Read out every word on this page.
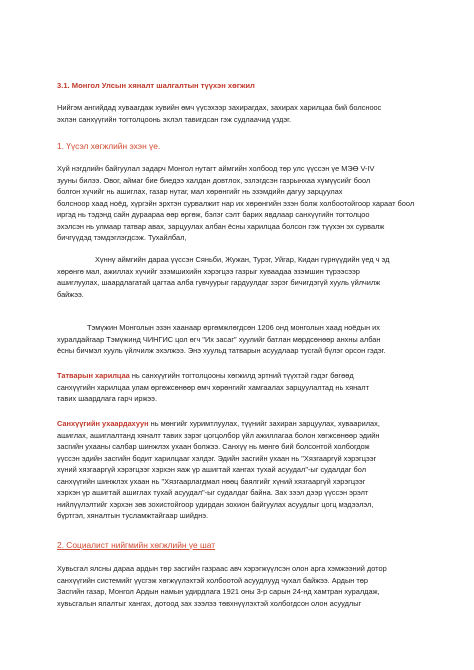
3.1. Монгол Улсын хяналт шалгалтын түүхэн хөгжил
Нийгэм ангийдад хуваагдаж хувийн өмч үүсэхээр захирагдах, захирах харилцаа бий болсноос
эхлэн санхүүгийн тогтолцоонь эхлэл тавигдсан гэж судлаачид үздэг.
1. Үүсэл хөгжлийн эхэн үе.
Хүй нэгдлийн байгуулал задарч Монгол нутагт аймгийн холбоод төр улс үүссэн үе МЭӨ V-IV
зууны билээ. Овог, аймаг бие биедээ халдан довтлох, эзлэгдсэн газрынхаа хүмүүсийг боол
болгон хүчийг нь ашиглах, газар нутаг, мал хөрөнгийг нь эзэмдийн дагуу зарцуулах
болсноор хаад ноёд, хүргэйн эрхтэн сурвалжит нар их хөрөнгийн эзэн болж холбоотойгоор хараат боол
иргэд нь тэдэнд сайн дураараа өөр өргөж, бэлэг сэлт барих явдлаар санхүүгийн тогтолцоо
эхэлсэн нь улмаар татвар авах, зарцуулах албан ёсны харилцаа болсон гэж түүхэн эх сурвалж
бичгүүдэд тэмдэглэгдсэж. Тухайлбал,
Хүннү аймгийн дараа үүссэн Сяньби, Жужан, Турэг, Уйгар, Кидан гүрнүүдийн үед ч эд
хөрөнгө мал, ажиллах хүчийг эзэмшихийн хэрэгцээ газрыг хуваадаа эзэмшин түрээсээр
ашиглуулах, шаардлагатай цагтаа алба гувчуурыг гардуулдаг зэрэг бичигдэгүй хууль үйлчилж
байжээ.
Тэмүжин Монголын эзэн хаанаар өргөмжлөгдсөн 1206 онд монголын хаад ноёдын их
хуралдайгаар Тэмүжинд ЧИНГИС цол өгч "Их засаг" хуулийг батлан мөрдсөнөөр анхны албан
ёсны бичмэл хууль үйлчилж эхэлжээ. Энэ хуульд татварын асуудлаар тусгай бүлэг орсон гэдэг.
Татварын харилцаа нь санхүүгийн тогтолцооны хөгжилд эртний түүхтэй гэдэг бөгөөд
санхүүгийн харилцаа улам өргөжсөнөөр өмч хөрөнгийг хамгаалах зарцуулалтад нь хяналт
тавих шаардлага гарч иржээ.
Санхүүгийн ухаардахуун нь мөнгийг хуримтлуулах, түүнийг захиран зарцуулах, хуваарилах,
ашиглах, ашиглалтанд хяналт тавих зэрэг цогцолбор үйл ажиллагаа болон хөгжсөнөөр эдийн
засгийн ухааны салбар шинжлэх ухаан болжээ. Санхүү нь мөнгө бий болсонтой холбогдож
үүссэн эдийн засгийн бодит харилцааг хэлдэг. Эдийн засгийн ухаан нь "Хязгааргүй хэрэгцээг
хүний хязгааргүй хэрэгцээг хэрхэн яаж үр ашигтай хангах тухай асуудал"-ыг судалдаг бол
санхүүгийн шинжлэх ухаан нь "Хязгаарлагдмал нөөц баялгийг хүний хязгааргүй хэрэгцээг
хэрхэн үр ашигтай ашиглах тухай асуудал"-ыг судалдаг байна. Зах зээл дээр үүссэн эрэлт
нийлүүлэлтийг хэрхэн зөв зохистойгоор удирдан зохион байгуулах асуудлыг цогц мэдээлэл,
бүртгэл, хяналтын тусламжтайгаар шийднэ.
2. Социалист нийгмийн хөгжлийн үе шат
Хувьсгал ялсны дараа ардын төр засгийн газраас авч хэрэгжүүлсэн олон арга хэмжээний дотор
санхүүгийн системийг үүсгэж хөгжүүлэхтэй холбоотой асуудлууд чухал байжээ. Ардын төр
Засгийн газар, Монгол Ардын намын удирдлага 1921 оны 3-р сарын 24-нд хамтран хуралдаж,
хувьсгалын ялалтыг хангах, дотоод зах зээлээ төвхнүүлэхтэй холбогдсон олон асуудлыг
